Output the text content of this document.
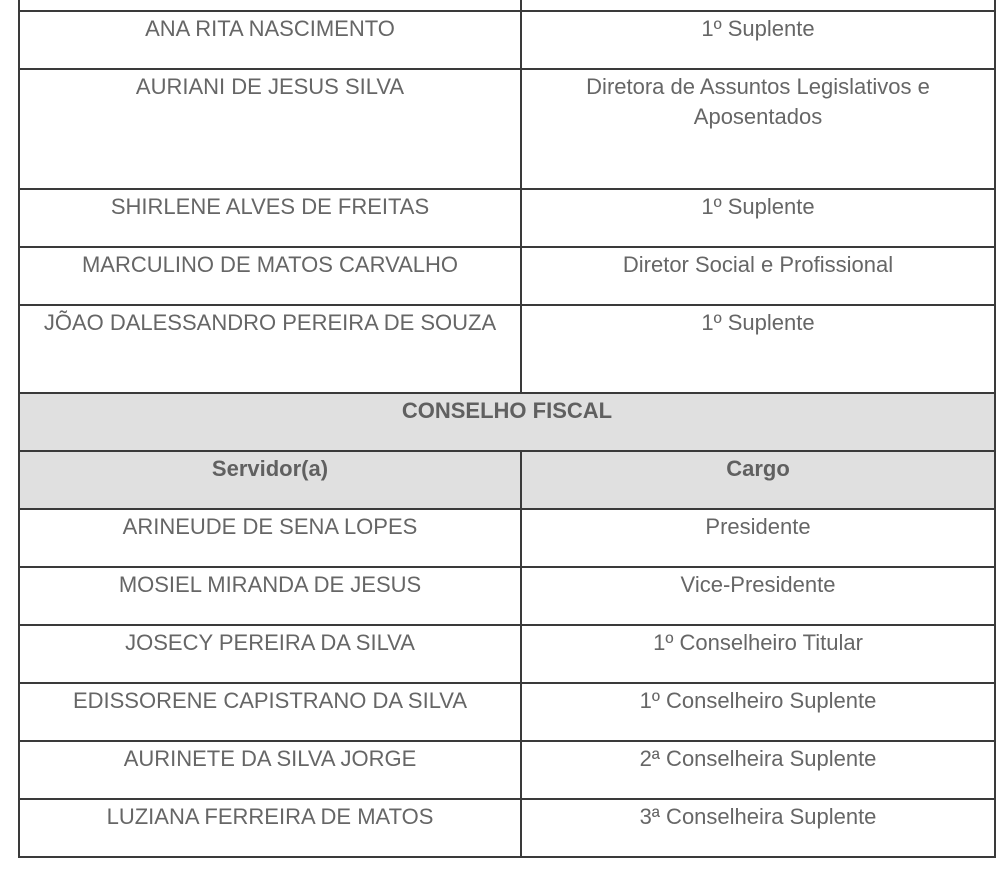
ANA RITA NASCIMENTO	1º Suplente
AURIANI DE JESUS SILVA	Diretora de Assuntos Legislativos e Aposentados
SHIRLENE ALVES DE FREITAS	1º Suplente
MARCULINO DE MATOS CARVALHO	Diretor Social e Profissional
JÕAO DALESSANDRO PEREIRA DE SOUZA	1º Suplente
CONSELHO FISCAL	
Servidor(a)	Cargo
ARINEUDE DE SENA LOPES	Presidente
MOSIEL MIRANDA DE JESUS	Vice-Presidente
JOSECY PEREIRA DA SILVA	1º Conselheiro Titular
EDISSORENE CAPISTRANO DA SILVA	1º Conselheiro Suplente
AURINETE DA SILVA JORGE	2ª Conselheira Suplente
LUZIANA FERREIRA DE MATOS	3ª Conselheira Suplente
